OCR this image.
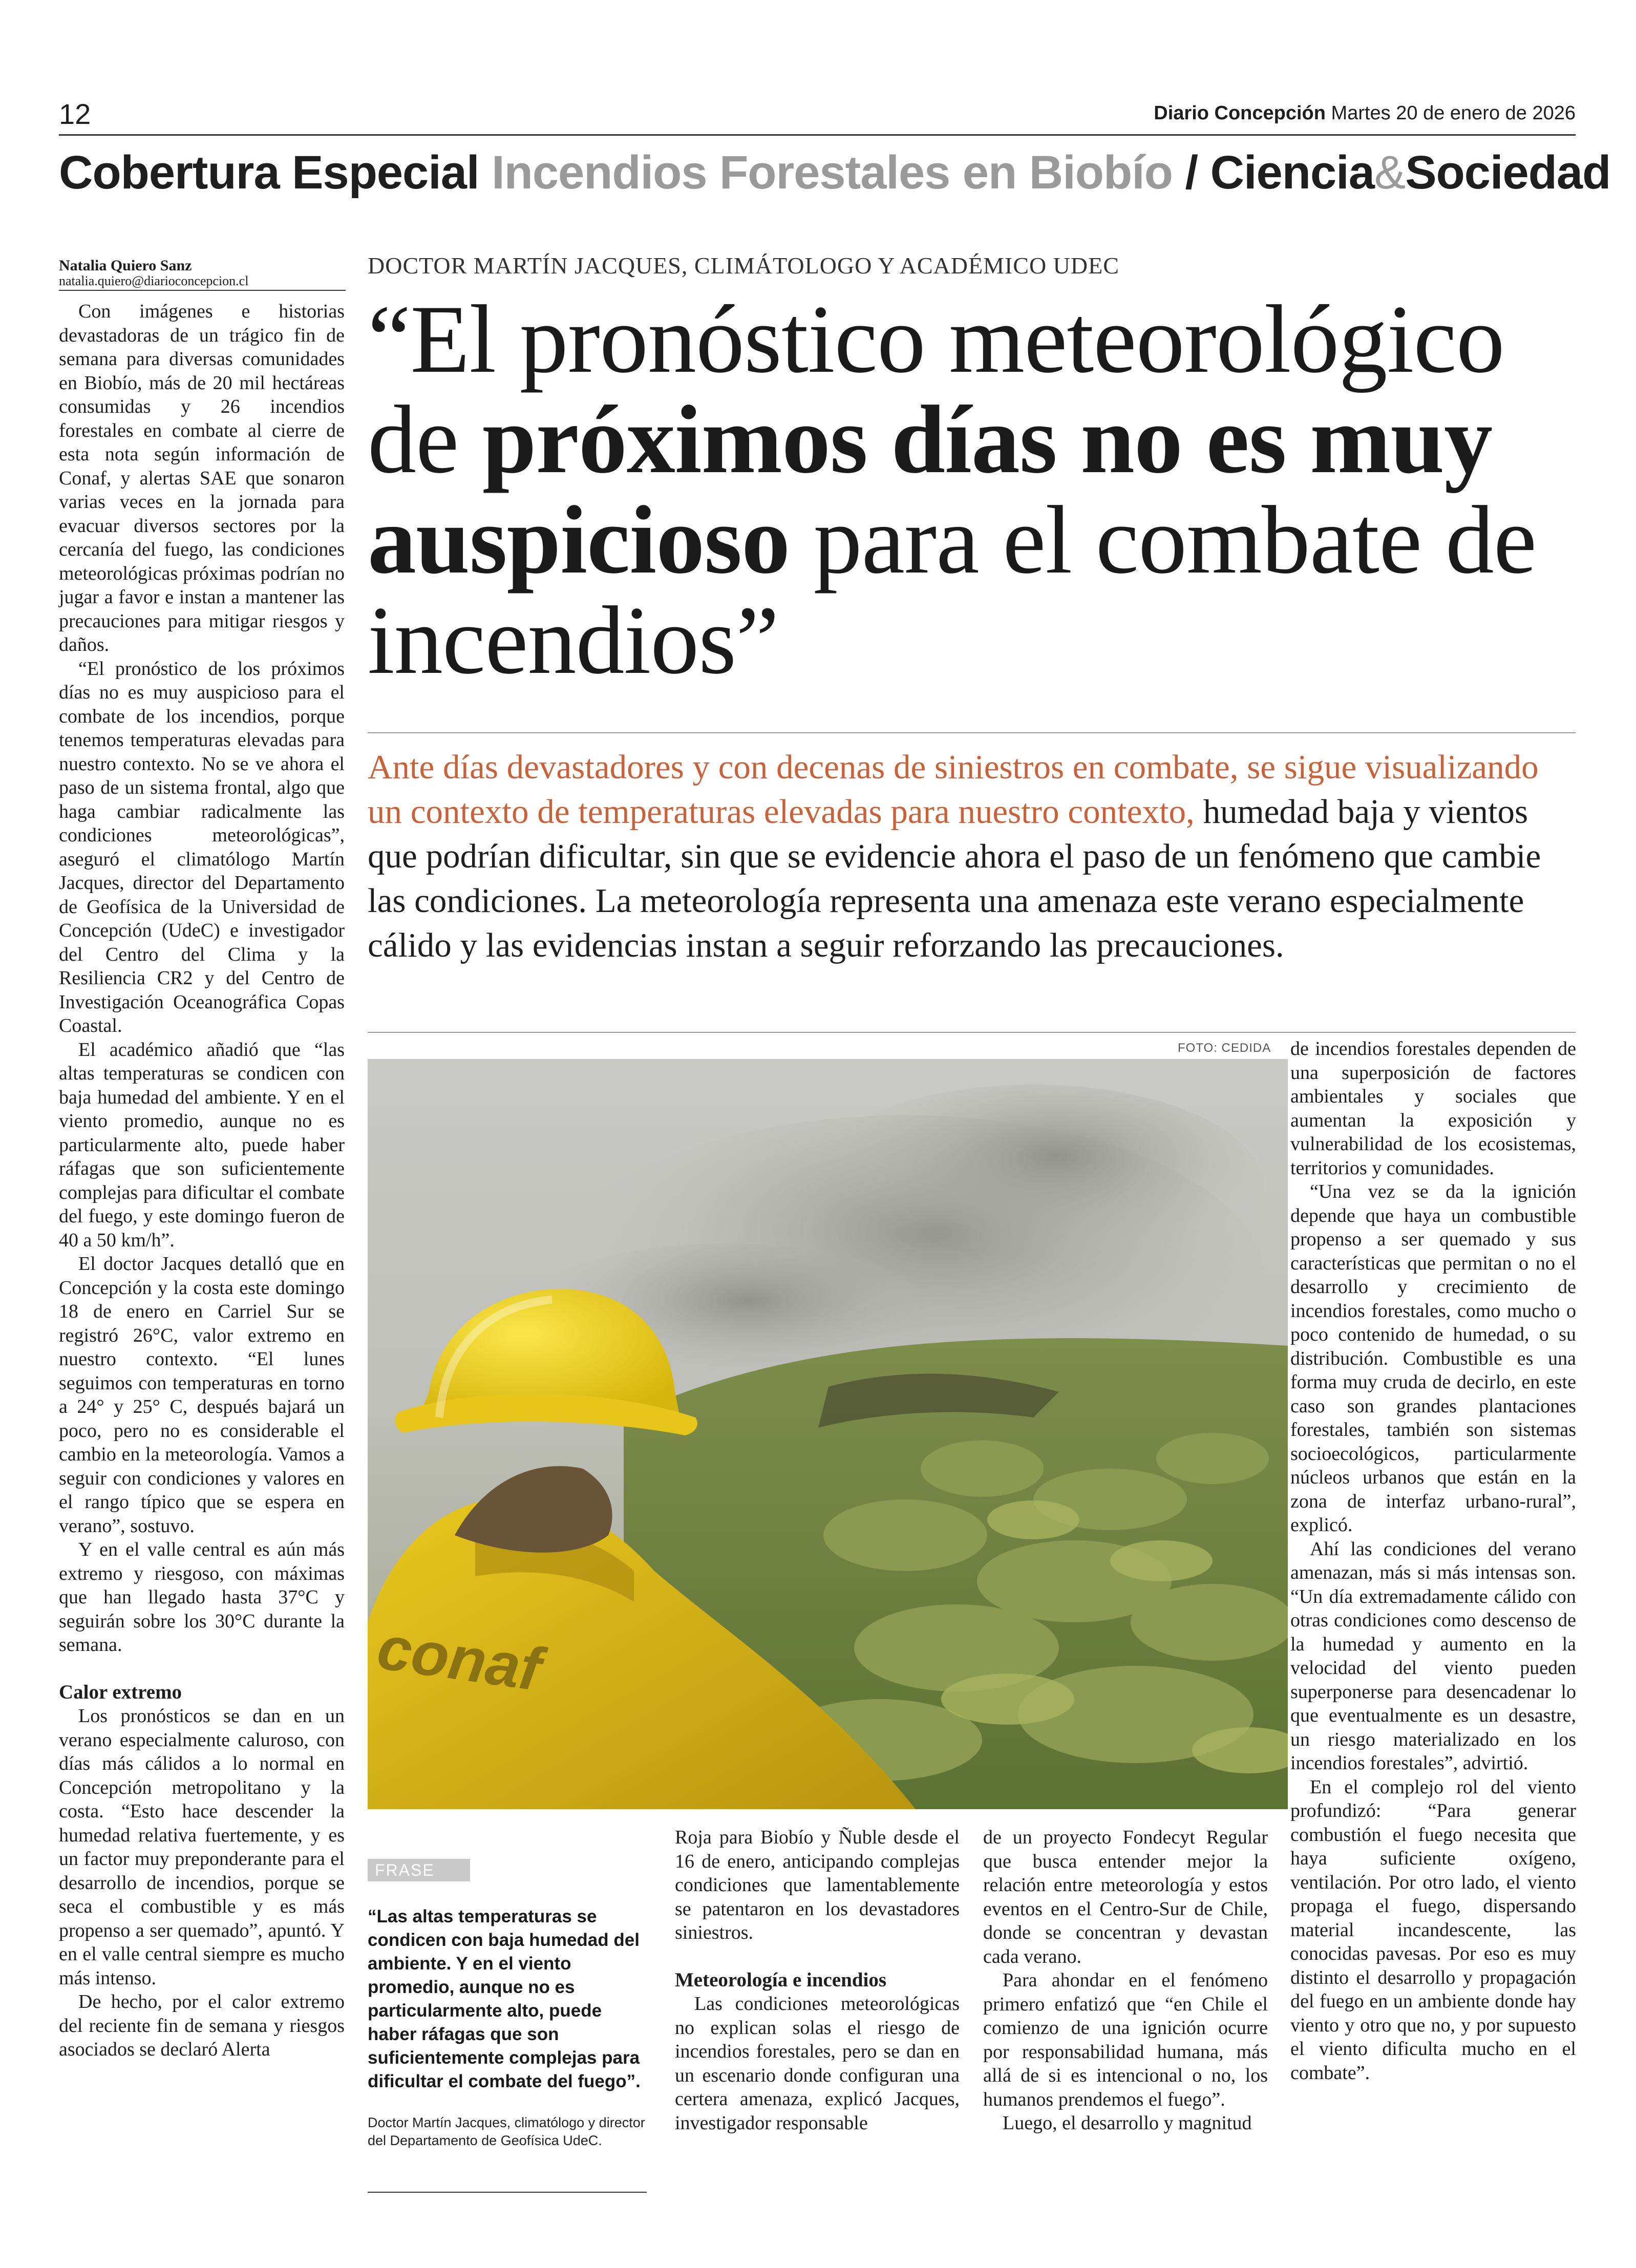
12	Diario Concepción Martes 20 de enero de 2026
Cobertura Especial Incendios Forestales en Biobío / Ciencia&Sociedad
Natalia Quiero Sanz
natalia.quiero@diarioconcepcion.cl
DOCTOR MARTÍN JACQUES, CLIMÁTOLOGO Y ACADÉMICO UDEC
“El pronóstico meteorológico de próximos días no es muy auspicioso para el combate de incendios”
Ante días devastadores y con decenas de siniestros en combate, se sigue visualizando un contexto de temperaturas elevadas para nuestro contexto, humedad baja y vientos que podrían dificultar, sin que se evidencie ahora el paso de un fenómeno que cambie las condiciones. La meteorología representa una amenaza este verano especialmente cálido y las evidencias instan a seguir reforzando las precauciones.

Con imágenes e historias devastadoras de un trágico fin de semana para diversas comunidades en Biobío, más de 20 mil hectáreas consumidas y 26 incendios forestales en combate al cierre de esta nota según información de Conaf, y alertas SAE que sonaron varias veces en la jornada para evacuar diversos sectores por la cercanía del fuego, las condiciones meteorológicas próximas podrían no jugar a favor e instan a mantener las precauciones para mitigar riesgos y daños.

“El pronóstico de los próximos días no es muy auspicioso para el combate de los incendios, porque tenemos temperaturas elevadas para nuestro contexto. No se ve ahora el paso de un sistema frontal, algo que haga cambiar radicalmente las condiciones meteorológicas”, aseguró el climatólogo Martín Jacques, director del Departamento de Geofísica de la Universidad de Concepción (UdeC) e investigador del Centro del Clima y la Resiliencia CR2 y del Centro de Investigación Oceanográfica Copas Coastal.

El académico añadió que “las altas temperaturas se condicen con baja humedad del ambiente. Y en el viento promedio, aunque no es particularmente alto, puede haber ráfagas que son suficientemente complejas para dificultar el combate del fuego, y este domingo fueron de 40 a 50 km/h”.

El doctor Jacques detalló que en Concepción y la costa este domingo 18 de enero en Carriel Sur se registró 26°C, valor extremo en nuestro contexto. “El lunes seguimos con temperaturas en torno a 24° y 25° C, después bajará un poco, pero no es considerable el cambio en la meteorología. Vamos a seguir con condiciones y valores en el rango típico que se espera en verano”, sostuvo.

Y en el valle central es aún más extremo y riesgoso, con máximas que han llegado hasta 37°C y seguirán sobre los 30°C durante la semana.

Calor extremo

Los pronósticos se dan en un verano especialmente caluroso, con días más cálidos a lo normal en Concepción metropolitano y la costa. “Esto hace descender la humedad relativa fuertemente, y es un factor muy preponderante para el desarrollo de incendios, porque se seca el combustible y es más propenso a ser quemado”, apuntó. Y en el valle central siempre es mucho más intenso.

De hecho, por el calor extremo del reciente fin de semana y riesgos asociados se declaró Alerta

FOTO: CEDIDA
conaf
FRASE
“Las altas temperaturas se condicen con baja humedad del ambiente. Y en el viento promedio, aunque no es particularmente alto, puede haber ráfagas que son suficientemente complejas para dificultar el combate del fuego”.
Doctor Martín Jacques, climatólogo y director del Departamento de Geofísica UdeC.

Roja para Biobío y Ñuble desde el 16 de enero, anticipando complejas condiciones que lamentablemente se patentaron en los devastadores siniestros.

Meteorología e incendios

Las condiciones meteorológicas no explican solas el riesgo de incendios forestales, pero se dan en un escenario donde configuran una certera amenaza, explicó Jacques, investigador responsable

de un proyecto Fondecyt Regular que busca entender mejor la relación entre meteorología y estos eventos en el Centro-Sur de Chile, donde se concentran y devastan cada verano.

Para ahondar en el fenómeno primero enfatizó que “en Chile el comienzo de una ignición ocurre por responsabilidad humana, más allá de si es intencional o no, los humanos prendemos el fuego”.

Luego, el desarrollo y magnitud

de incendios forestales dependen de una superposición de factores ambientales y sociales que aumentan la exposición y vulnerabilidad de los ecosistemas, territorios y comunidades.

“Una vez se da la ignición depende que haya un combustible propenso a ser quemado y sus características que permitan o no el desarrollo y crecimiento de incendios forestales, como mucho o poco contenido de humedad, o su distribución. Combustible es una forma muy cruda de decirlo, en este caso son grandes plantaciones forestales, también son sistemas socioecológicos, particularmente núcleos urbanos que están en la zona de interfaz urbano-rural”, explicó.

Ahí las condiciones del verano amenazan, más si más intensas son. “Un día extremadamente cálido con otras condiciones como descenso de la humedad y aumento en la velocidad del viento pueden superponerse para desencadenar lo que eventualmente es un desastre, un riesgo materializado en los incendios forestales”, advirtió.

En el complejo rol del viento profundizó: “Para generar combustión el fuego necesita que haya suficiente oxígeno, ventilación. Por otro lado, el viento propaga el fuego, dispersando material incandescente, las conocidas pavesas. Por eso es muy distinto el desarrollo y propagación del fuego en un ambiente donde hay viento y otro que no, y por supuesto el viento dificulta mucho en el combate”.
